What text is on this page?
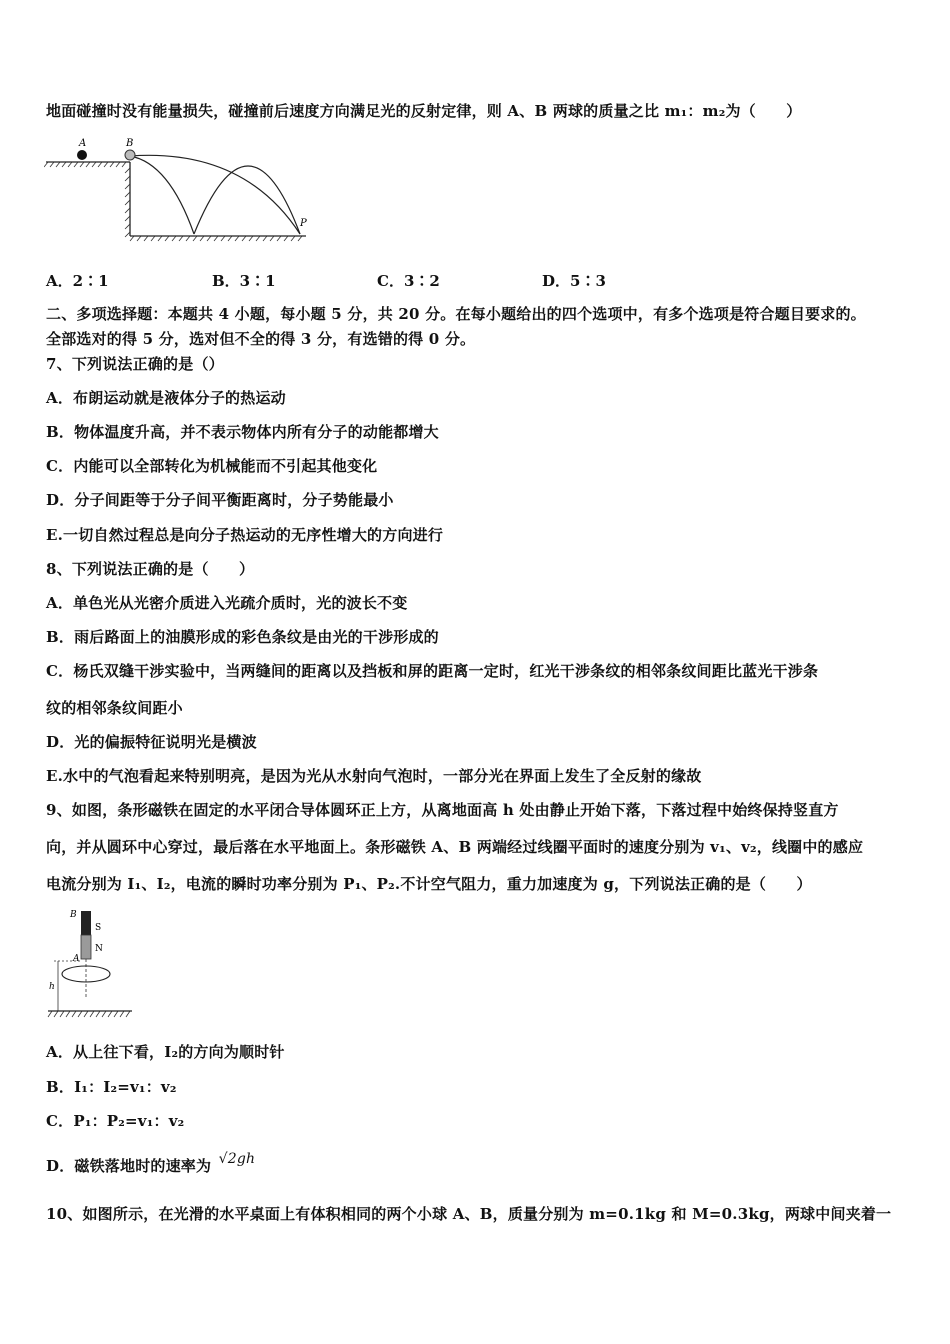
地面碰撞时没有能量损失，碰撞前后速度方向满足光的反射定律，则 A、B 两球的质量之比 m₁：m₂为（　　）
A	B
P
A．2∶1	B．3∶1	C．3∶2	D．5∶3
二、多项选择题：本题共 4 小题，每小题 5 分，共 20 分。在每小题给出的四个选项中，有多个选项是符合题目要求的。
全部选对的得 5 分，选对但不全的得 3 分，有选错的得 0 分。
7、下列说法正确的是（）
A．布朗运动就是液体分子的热运动
B．物体温度升高，并不表示物体内所有分子的动能都增大
C．内能可以全部转化为机械能而不引起其他变化
D．分子间距等于分子间平衡距离时，分子势能最小
E.一切自然过程总是向分子热运动的无序性增大的方向进行
8、下列说法正确的是（　　）
A．单色光从光密介质进入光疏介质时，光的波长不变
B．雨后路面上的油膜形成的彩色条纹是由光的干涉形成的
C．杨氏双缝干涉实验中，当两缝间的距离以及挡板和屏的距离一定时，红光干涉条纹的相邻条纹间距比蓝光干涉条
纹的相邻条纹间距小
D．光的偏振特征说明光是横波
E.水中的气泡看起来特别明亮，是因为光从水射向气泡时，一部分光在界面上发生了全反射的缘故
9、如图，条形磁铁在固定的水平闭合导体圆环正上方，从离地面高 h 处由静止开始下落，下落过程中始终保持竖直方
向，并从圆环中心穿过，最后落在水平地面上。条形磁铁 A、B 两端经过线圈平面时的速度分别为 v₁、v₂，线圈中的感应
电流分别为 I₁、I₂，电流的瞬时功率分别为 P₁、P₂.不计空气阻力，重力加速度为 g，下列说法正确的是（　　）
B
S
N
A
h
A．从上往下看，I₂的方向为顺时针
B．I₁：I₂=v₁：v₂
C．P₁：P₂=v₁：v₂
D．磁铁落地时的速率为 √2gh
10、如图所示，在光滑的水平桌面上有体积相同的两个小球 A、B，质量分别为 m=0.1kg 和 M=0.3kg，两球中间夹着一
